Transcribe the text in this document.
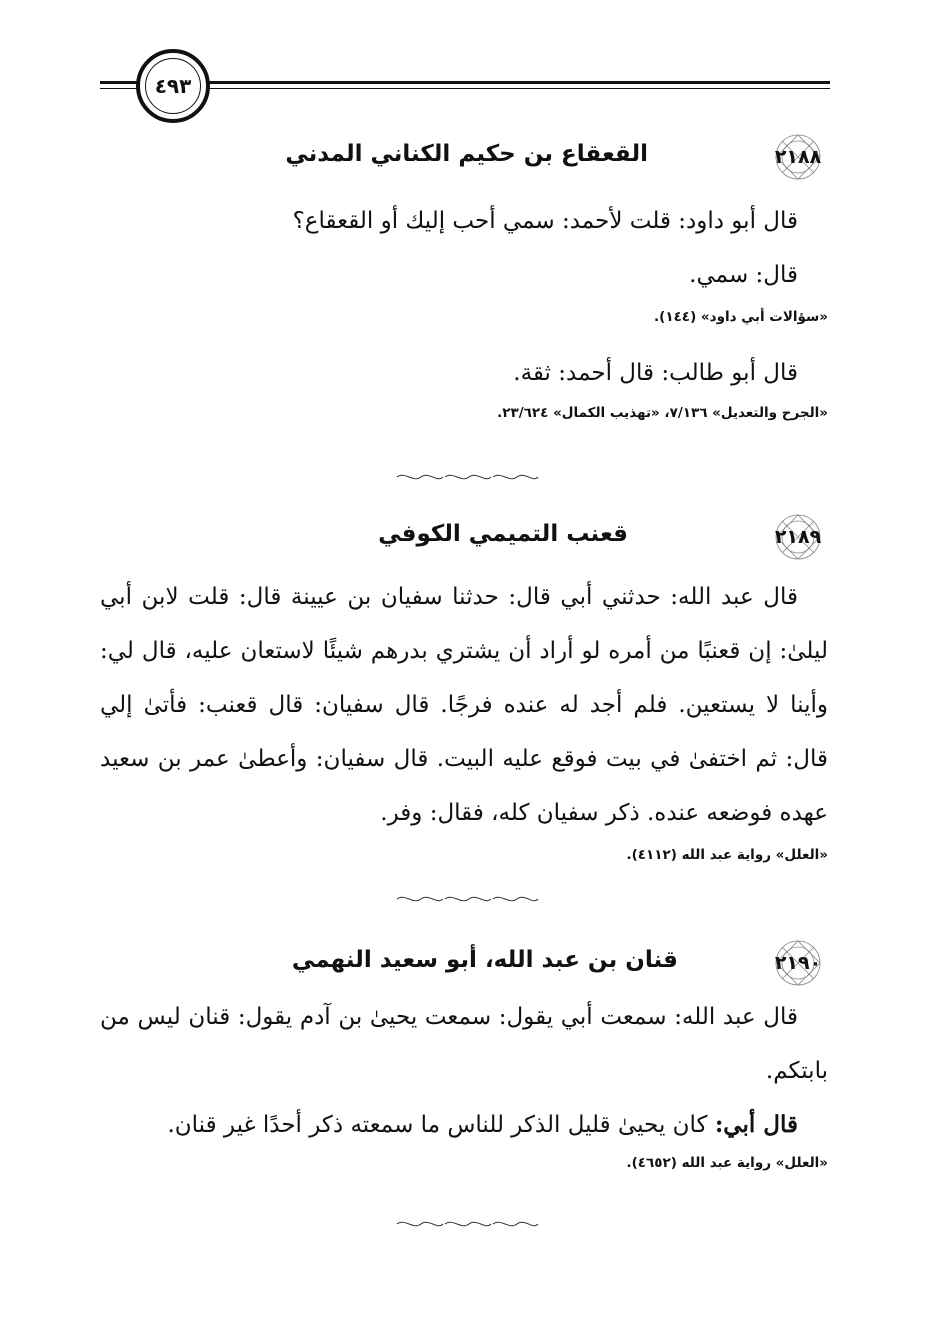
٤٩٣
٢١٨٨
القعقاع بن حكيم الكناني المدني

قال أبو داود: قلت لأحمد: سمي أحب إليك أو القعقاع؟

قال: سمي.

«سؤالات أبي داود» (١٤٤).

قال أبو طالب: قال أحمد: ثقة.

«الجرح والتعديل» ٧/١٣٦، «تهذيب الكمال» ٢٣/٦٢٤.
٢١٨٩
قعنب التميمي الكوفي

قال عبد الله: حدثني أبي قال: حدثنا سفيان بن عيينة قال: قلت لابن أبي ليلىٰ: إن قعنبًا من أمره لو أراد أن يشتري بدرهم شيئًا لاستعان عليه، قال لي: وأينا لا يستعين. فلم أجد له عنده فرجًا. قال سفيان: قال قعنب: فأتىٰ إلي قال: ثم اختفىٰ في بيت فوقع عليه البيت. قال سفيان: وأعطىٰ عمر بن سعيد عهده فوضعه عنده. ذكر سفيان كله، فقال: وفر.

«العلل» رواية عبد الله (٤١١٢).
٢١٩٠
قنان بن عبد الله، أبو سعيد النهمي

قال عبد الله: سمعت أبي يقول: سمعت يحيىٰ بن آدم يقول: قنان ليس من بابتكم.

قال أبي: كان يحيىٰ قليل الذكر للناس ما سمعته ذكر أحدًا غير قنان.

«العلل» رواية عبد الله (٤٦٥٢).
